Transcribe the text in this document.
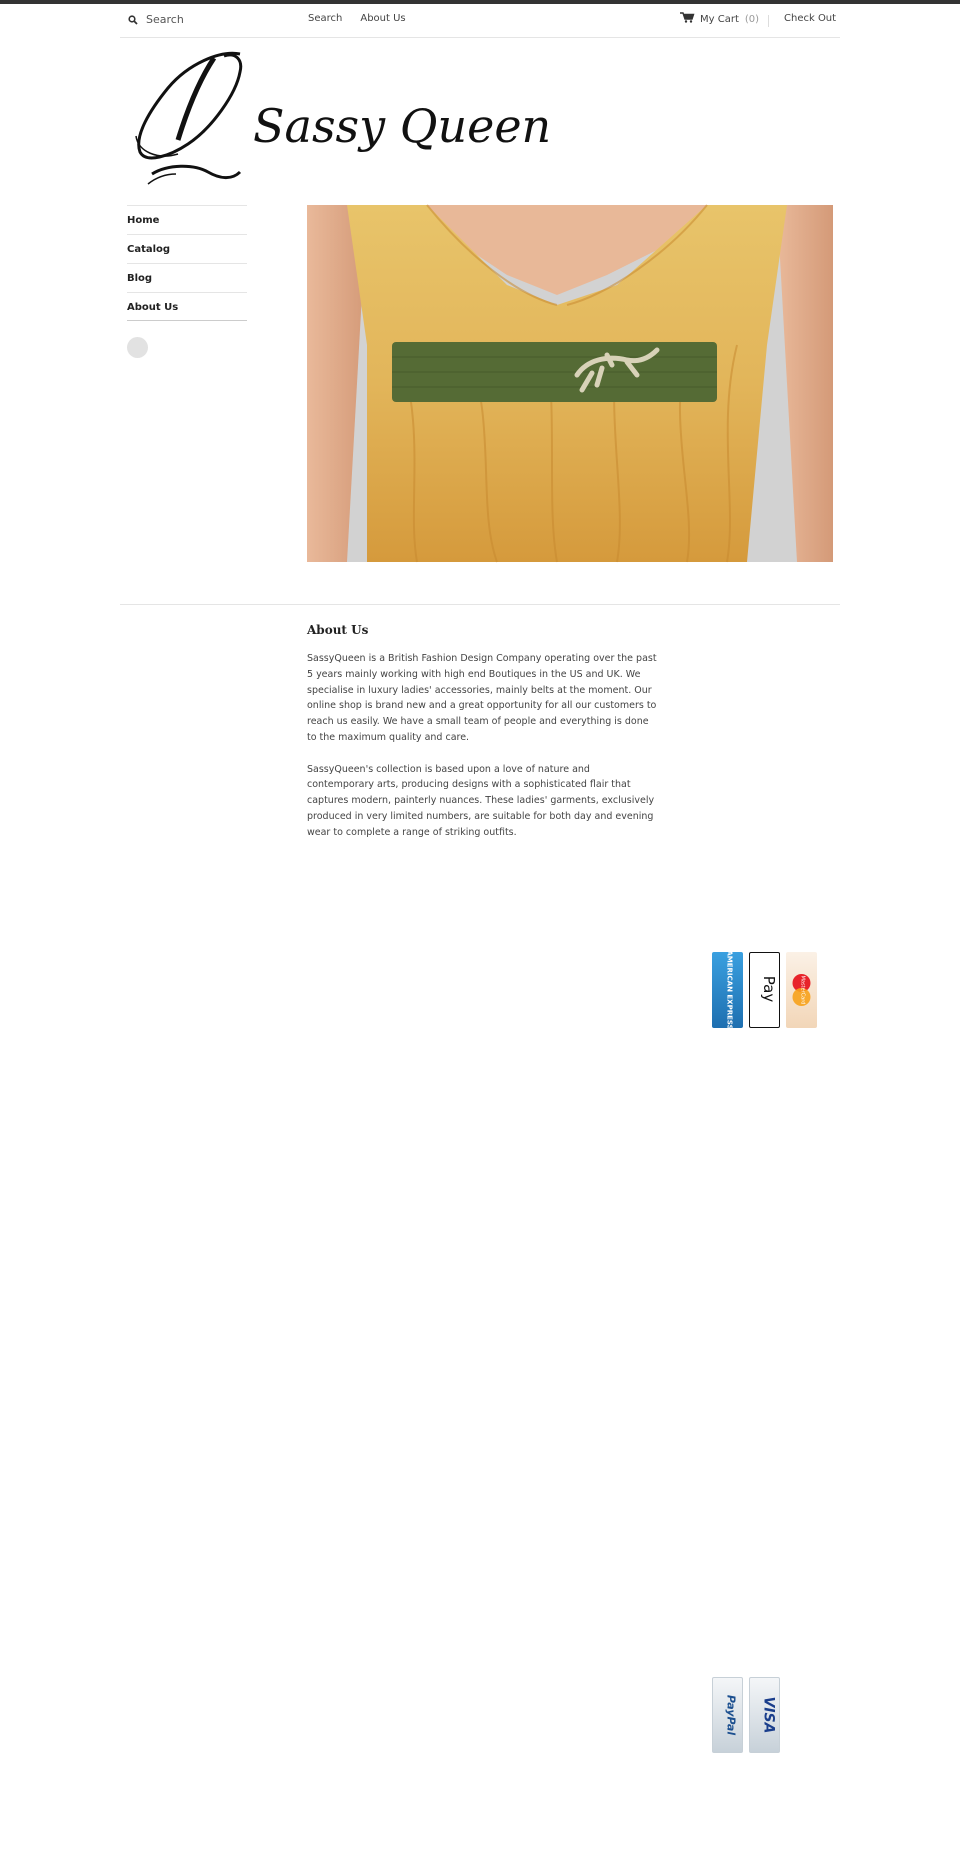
Search	Search About Us	My Cart (0) Check Out
Sassy Queen
Home
Catalog
Blog
About Us
About Us

SassyQueen is a British Fashion Design Company operating over the past 5 years mainly working with high end Boutiques in the US and UK. We specialise in luxury ladies' accessories, mainly belts at the moment. Our online shop is brand new and a great opportunity for all our customers to reach us easily. We have a small team of people and everything is done to the maximum quality and care.

SassyQueen's collection is based upon a love of nature and contemporary arts, producing designs with a sophisticated flair that captures modern, painterly nuances. These ladies' garments, exclusively produced in very limited numbers, are suitable for both day and evening wear to complete a range of striking outfits.

AMERICAN EXPRESS Pay	MasterCard
PayPal VISA
